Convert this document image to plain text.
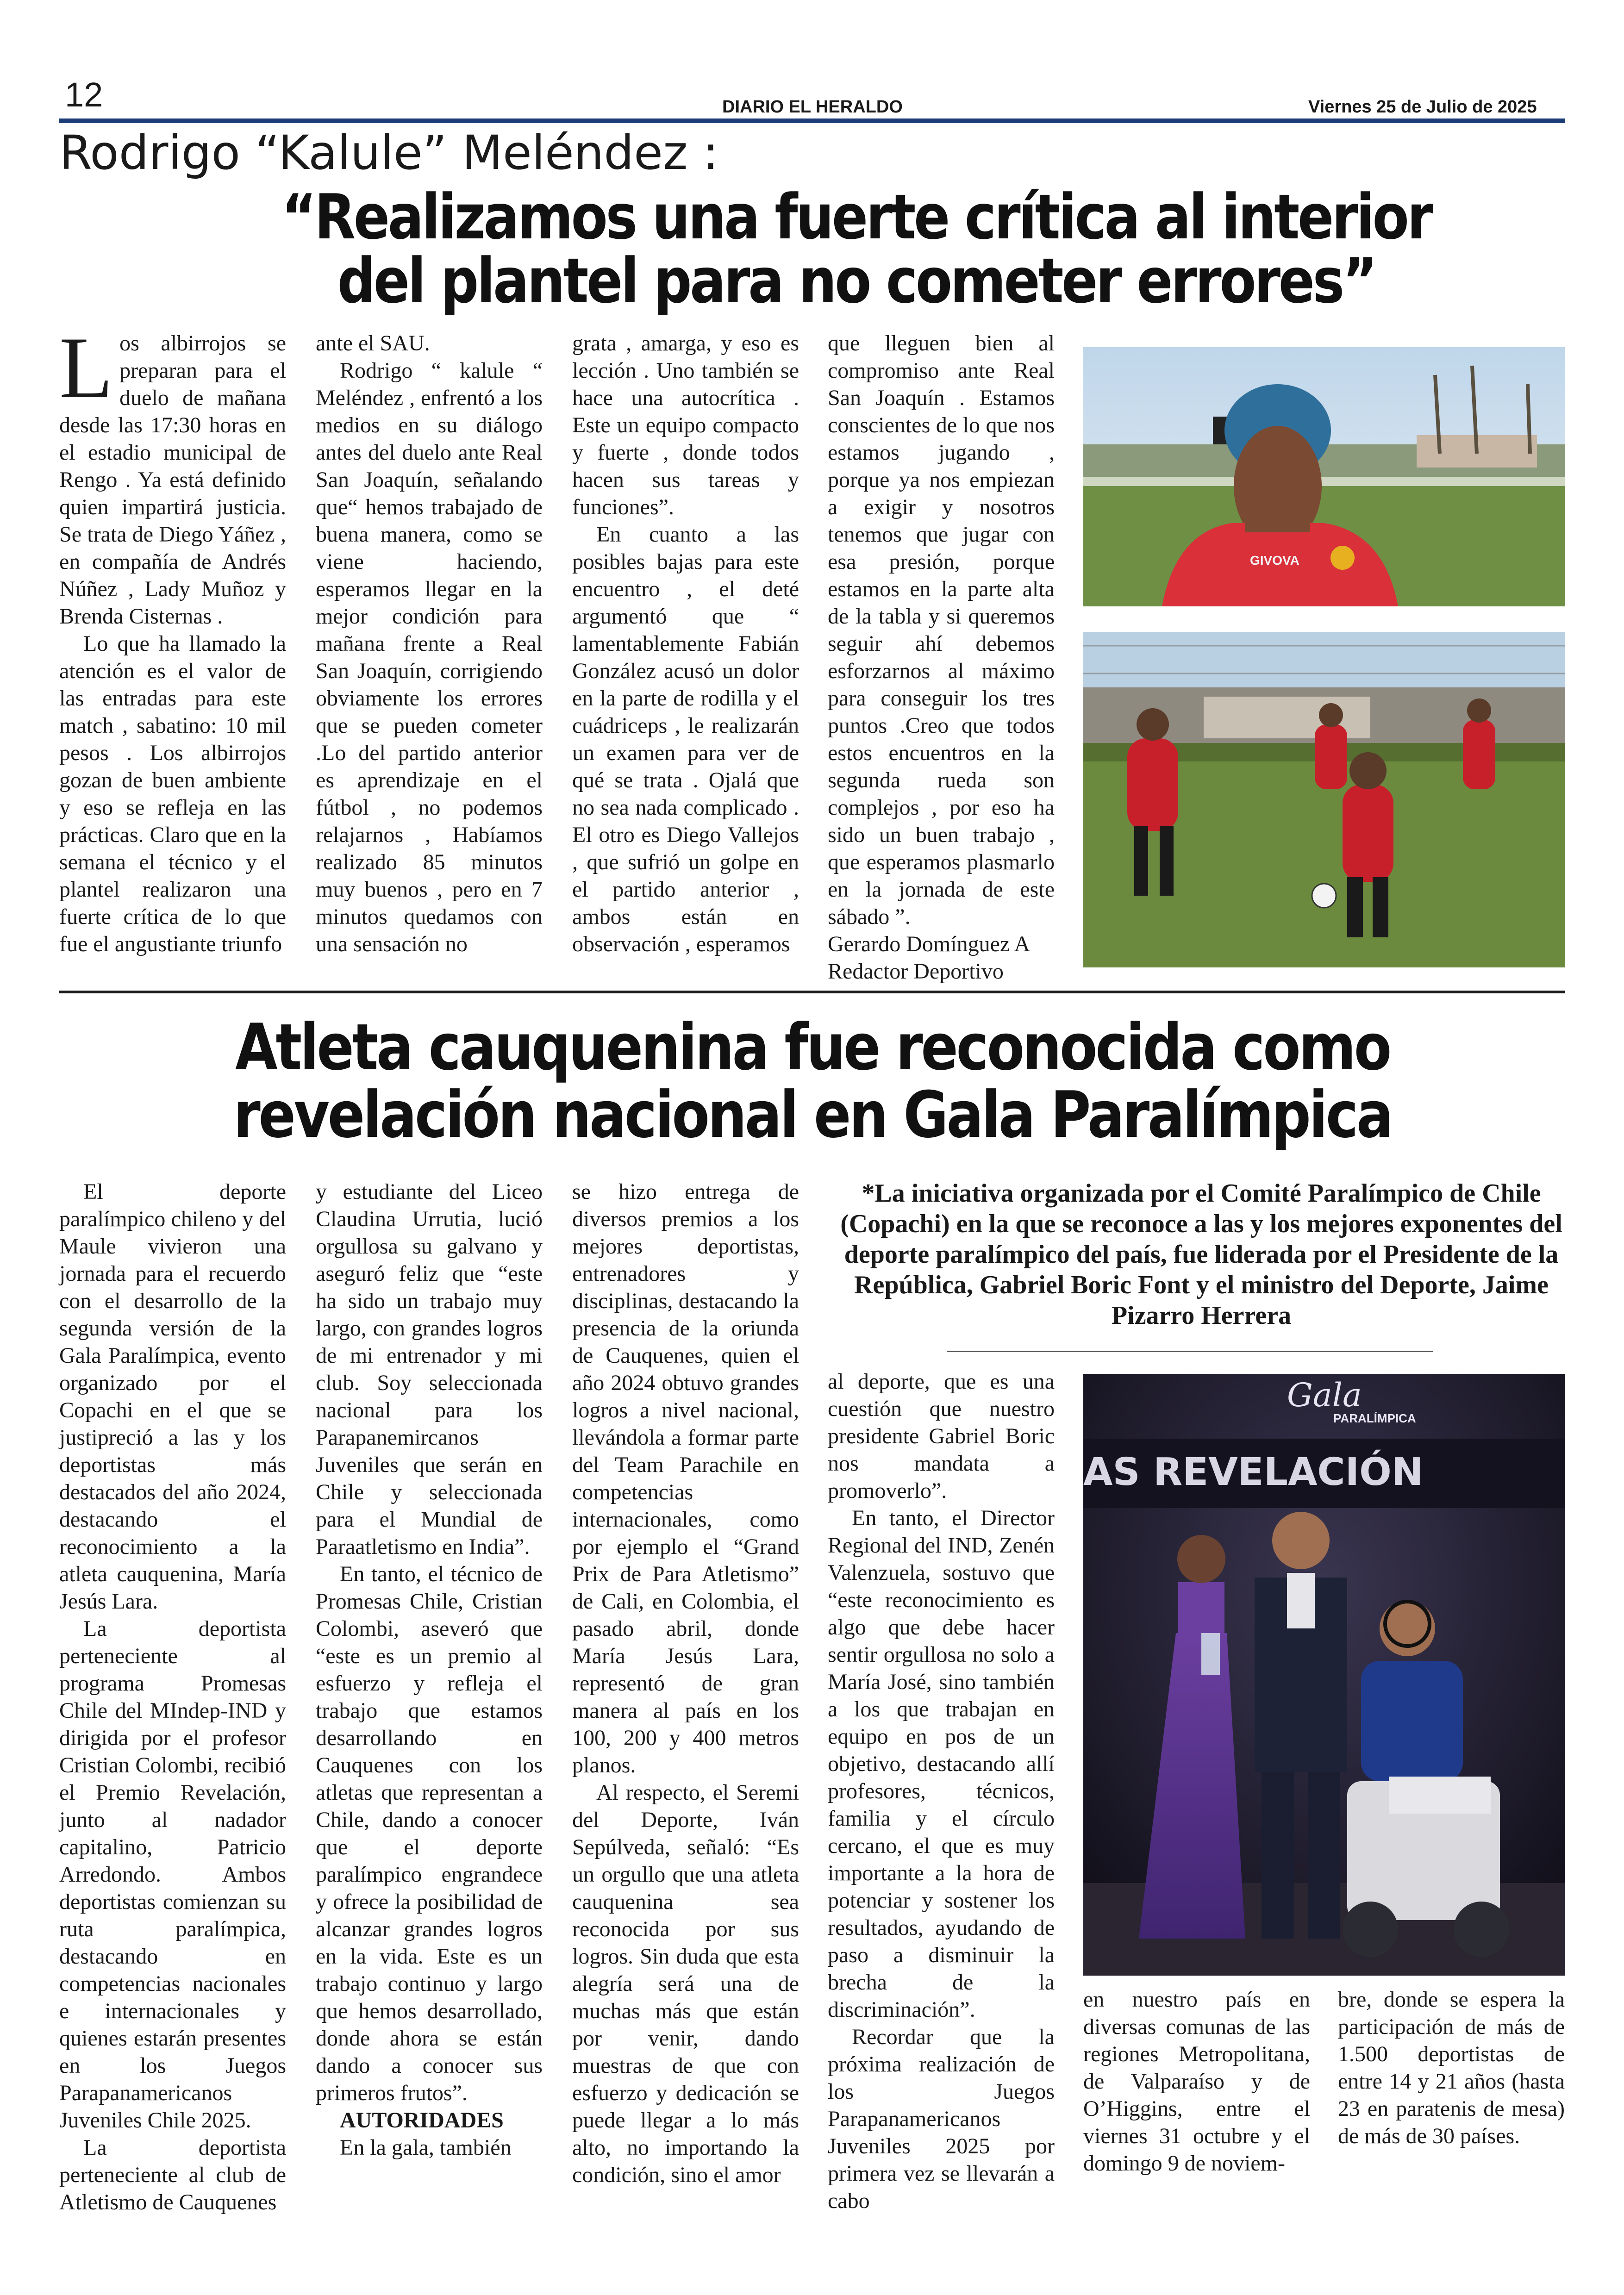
12	DIARIO EL HERALDO	Viernes 25 de Julio de 2025
Rodrigo “Kalule” Meléndez :
“Realizamos una fuerte crítica al interior
del plantel para no cometer errores”

Los albirrojos se preparan para el duelo de mañana desde las 17:30 horas en el estadio municipal de Rengo . Ya está definido quien impartirá justicia. Se trata de Diego Yáñez , en compañía de Andrés Núñez , Lady Muñoz y Brenda Cisternas .

Lo que ha llamado la atención es el valor de las entradas para este match , sabatino: 10 mil pesos . Los albirrojos gozan de buen ambiente y eso se refleja en las prácticas. Claro que en la semana el técnico y el plantel realizaron una fuerte crítica de lo que fue el angustiante triunfo

ante el SAU.

Rodrigo “ kalule “ Meléndez , enfrentó a los medios en su diálogo antes del duelo ante Real San Joaquín, señalando que“ hemos trabajado de buena manera, como se viene haciendo, esperamos llegar en la mejor condición para mañana frente a Real San Joaquín, corrigiendo obviamente los errores que se pueden cometer .Lo del partido anterior es aprendizaje en el fútbol , no podemos relajarnos , Habíamos realizado 85 minutos muy buenos , pero en 7 minutos quedamos con una sensación no

grata , amarga, y eso es lección . Uno también se hace una autocrítica . Este un equipo compacto y fuerte , donde todos hacen sus tareas y funciones”.

En cuanto a las posibles bajas para este encuentro , el deté argumentó que “ lamentablemente Fabián González acusó un dolor en la parte de rodilla y el cuádriceps , le realizarán un examen para ver de qué se trata . Ojalá que no sea nada complicado . El otro es Diego Vallejos , que sufrió un golpe en el partido anterior , ambos están en observación , esperamos

que lleguen bien al compromiso ante Real San Joaquín . Estamos conscientes de lo que nos estamos jugando , porque ya nos empiezan a exigir y nosotros tenemos que jugar con esa presión, porque estamos en la parte alta de la tabla y si queremos seguir ahí debemos esforzarnos al máximo para conseguir los tres puntos .Creo que todos estos encuentros en la segunda rueda son complejos , por eso ha sido un buen trabajo , que esperamos plasmarlo en la jornada de este sábado ”.

Gerardo Domínguez A

Redactor Deportivo

GIVOVA
Atleta cauquenina fue reconocida como
revelación nacional en Gala Paralímpica

El deporte paralímpico chileno y del Maule vivieron una jornada para el recuerdo con el desarrollo de la segunda versión de la Gala Paralímpica, evento organizado por el Copachi en el que se justipreció a las y los deportistas más destacados del año 2024, destacando el reconocimiento a la atleta cauquenina, María Jesús Lara.

La deportista perteneciente al programa Promesas Chile del MIndep-IND y dirigida por el profesor Cristian Colombi, recibió el Premio Revelación, junto al nadador capitalino, Patricio Arredondo. Ambos deportistas comienzan su ruta paralímpica, destacando en competencias nacionales e internacionales y quienes estarán presentes en los Juegos Parapanamericanos Juveniles Chile 2025.

La deportista perteneciente al club de Atletismo de Cauquenes

y estudiante del Liceo Claudina Urrutia, lució orgullosa su galvano y aseguró feliz que “este ha sido un trabajo muy largo, con grandes logros de mi entrenador y mi club. Soy seleccionada nacional para los Parapanemircanos Juveniles que serán en Chile y seleccionada para el Mundial de Paraatletismo en India”.

En tanto, el técnico de Promesas Chile, Cristian Colombi, aseveró que “este es un premio al esfuerzo y refleja el trabajo que estamos desarrollando en Cauquenes con los atletas que representan a Chile, dando a conocer que el deporte paralímpico engrandece y ofrece la posibilidad de alcanzar grandes logros en la vida. Este es un trabajo continuo y largo que hemos desarrollado, donde ahora se están dando a conocer sus primeros frutos”.

AUTORIDADES

En la gala, también

se hizo entrega de diversos premios a los mejores deportistas, entrenadores y disciplinas, destacando la presencia de la oriunda de Cauquenes, quien el año 2024 obtuvo grandes logros a nivel nacional, llevándola a formar parte del Team Parachile en competencias internacionales, como por ejemplo el “Grand Prix de Para Atletismo” de Cali, en Colombia, el pasado abril, donde María Jesús Lara, representó de gran manera al país en los 100, 200 y 400 metros planos.

Al respecto, el Seremi del Deporte, Iván Sepúlveda, señaló: “Es un orgullo que una atleta cauquenina sea reconocida por sus logros. Sin duda que esta alegría será una de muchas más que están por venir, dando muestras de que con esfuerzo y dedicación se puede llegar a lo más alto, no importando la condición, sino el amor

*La iniciativa organizada por el Comité Paralímpico de Chile (Copachi) en la que se reconoce a las y los mejores exponentes del deporte paralímpico del país, fue liderada por el Presidente de la República, Gabriel Boric Font y el ministro del Deporte, Jaime Pizarro Herrera

al deporte, que es una cuestión que nuestro presidente Gabriel Boric nos mandata a promoverlo”.

En tanto, el Director Regional del IND, Zenén Valenzuela, sostuvo que “este reconocimiento es algo que debe hacer sentir orgullosa no solo a María José, sino también a los que trabajan en equipo en pos de un objetivo, destacando allí profesores, técnicos, familia y el círculo cercano, el que es muy importante a la hora de potenciar y sostener los resultados, ayudando de paso a disminuir la brecha de la discriminación”.

Recordar que la próxima realización de los Juegos Parapanamericanos Juveniles 2025 por primera vez se llevarán a cabo

Gala
PARALÍMPICA
AS REVELACIÓN

en nuestro país en diversas comunas de las regiones Metropolitana, de Valparaíso y de O’Higgins, entre el viernes 31 octubre y el domingo 9 de noviem-

bre, donde se espera la participación de más de 1.500 deportistas de entre 14 y 21 años (hasta 23 en paratenis de mesa) de más de 30 países.
